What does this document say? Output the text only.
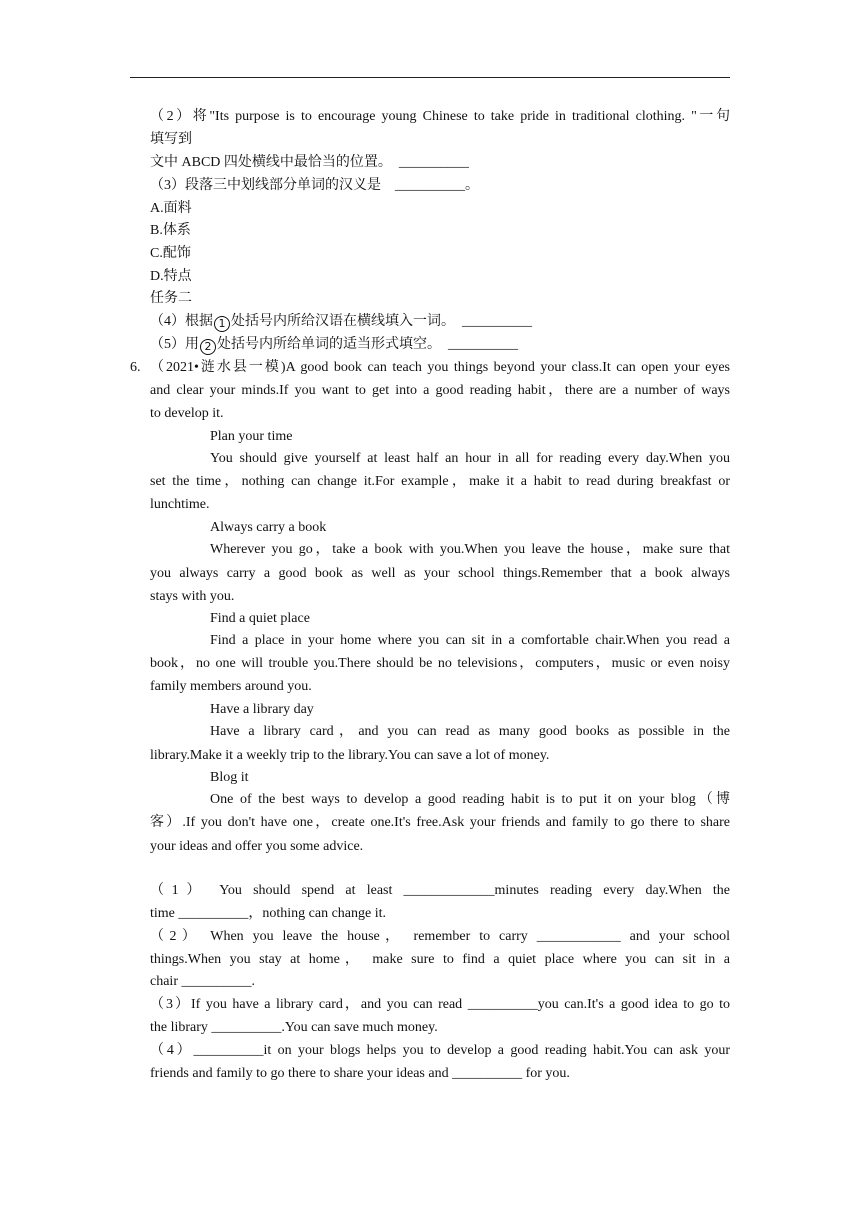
（2）将"Its purpose is to encourage young Chinese to take pride in traditional clothing. "一句
填写到
文中 ABCD 四处横线中最恰当的位置。　__________
（3）段落三中划线部分单词的汉义是　__________。
A.面料
B.体系
C.配饰
D.特点
任务二
（4）根据 1 处括号内所给汉语在横线填入一词。　__________
（5）用 2 处括号内所给单词的适当形式填空。　__________
6. （2021•涟水县一模)A good book can teach you things beyond your class.It can open your eyes
and clear your minds.If you want to get into a good reading habit，there are a number of ways
to develop it.
Plan your time
You should give yourself at least half an hour in all for reading every day.When you
set the time，nothing can change it.For example，make it a habit to read during breakfast or
lunchtime.
Always carry a book
Wherever you go，take a book with you.When you leave the house，make sure that
you always carry a good book as well as your school things.Remember that a book always
stays with you.
Find a quiet place
Find a place in your home where you can sit in a comfortable chair.When you read a
book，no one will trouble you.There should be no televisions，computers，music or even noisy
family members around you.
Have a library day
Have a library card，and you can read as many good books as possible in the
library.Make it a weekly trip to the library.You can save a lot of money.
Blog it
One of the best ways to develop a good reading habit is to put it on your blog（博
客）.If you don't have one，create one.It's free.Ask your friends and family to go there to share
your ideas and offer you some advice.
（1） You should spend at least _____________minutes reading every day.When the
time __________，nothing can change it.
（2） When you leave the house， remember to carry ____________ and your school
things.When you stay at home， make sure to find a quiet place where you can sit in a
chair __________.
（3）If you have a library card，and you can read __________you can.It's a good idea to go to
the library __________.You can save much money.
（4）__________it on your blogs helps you to develop a good reading habit.You can ask your
friends and family to go there to share your ideas and __________ for you.
